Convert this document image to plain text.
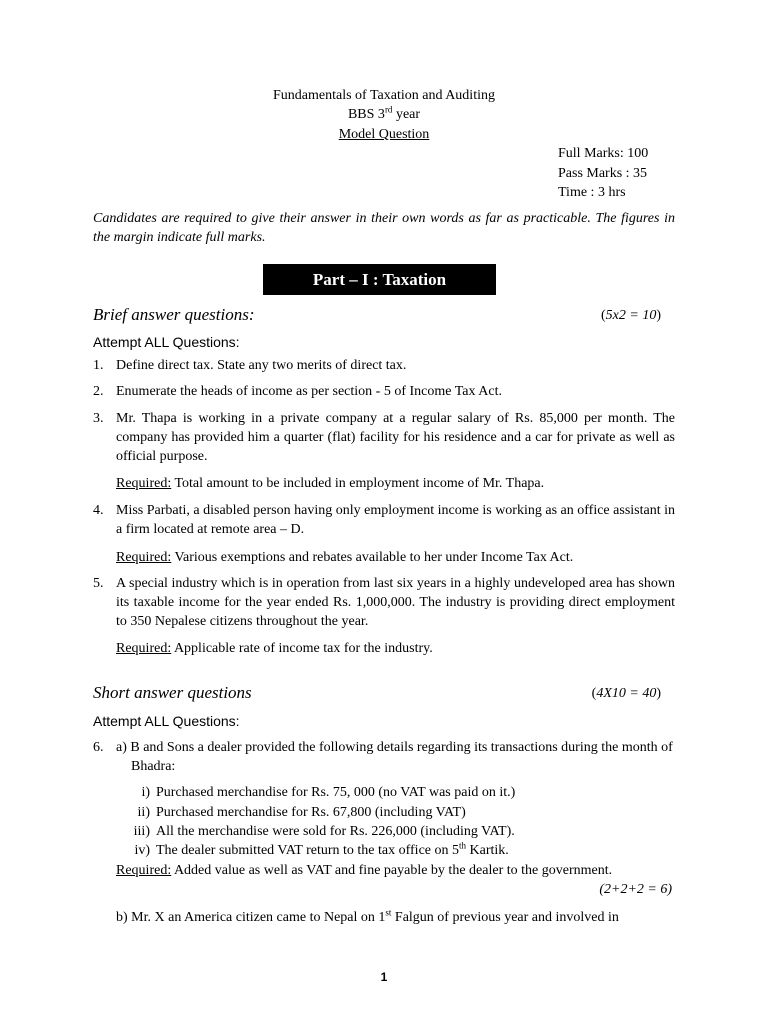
Fundamentals of Taxation and Auditing
BBS 3rd year
Model Question
Full Marks: 100
Pass Marks : 35
Time : 3 hrs
Candidates are required to give their answer in their own words as far as practicable. The figures in the margin indicate full marks.
Part – I : Taxation
Brief answer questions:	(5x2 = 10)
Attempt ALL Questions:
1. Define direct tax. State any two merits of direct tax.
2. Enumerate the heads of income as per section - 5 of Income Tax Act.
3. Mr. Thapa is working in a private company at a regular salary of Rs. 85,000 per month. The company has provided him a quarter (flat) facility for his residence and a car for private as well as official purpose.
Required: Total amount to be included in employment income of Mr. Thapa.
4. Miss Parbati, a disabled person having only employment income is working as an office assistant in a firm located at remote area – D.
Required: Various exemptions and rebates available to her under Income Tax Act.
5. A special industry which is in operation from last six years in a highly undeveloped area has shown its taxable income for the year ended Rs. 1,000,000. The industry is providing direct employment to 350 Nepalese citizens throughout the year.
Required: Applicable rate of income tax for the industry.
Short answer questions	(4X10 = 40)
Attempt ALL Questions:
6. a) B and Sons a dealer provided the following details regarding its transactions during the month of Bhadra:
i) Purchased merchandise for Rs. 75, 000 (no VAT was paid on it.)
ii) Purchased merchandise for Rs. 67,800 (including VAT)
iii) All the merchandise were sold for Rs. 226,000 (including VAT).
iv) The dealer submitted VAT return to the tax office on 5th Kartik.
Required: Added value as well as VAT and fine payable by the dealer to the government.
(2+2+2 = 6)
b) Mr. X an America citizen came to Nepal on 1st Falgun of previous year and involved in
1
